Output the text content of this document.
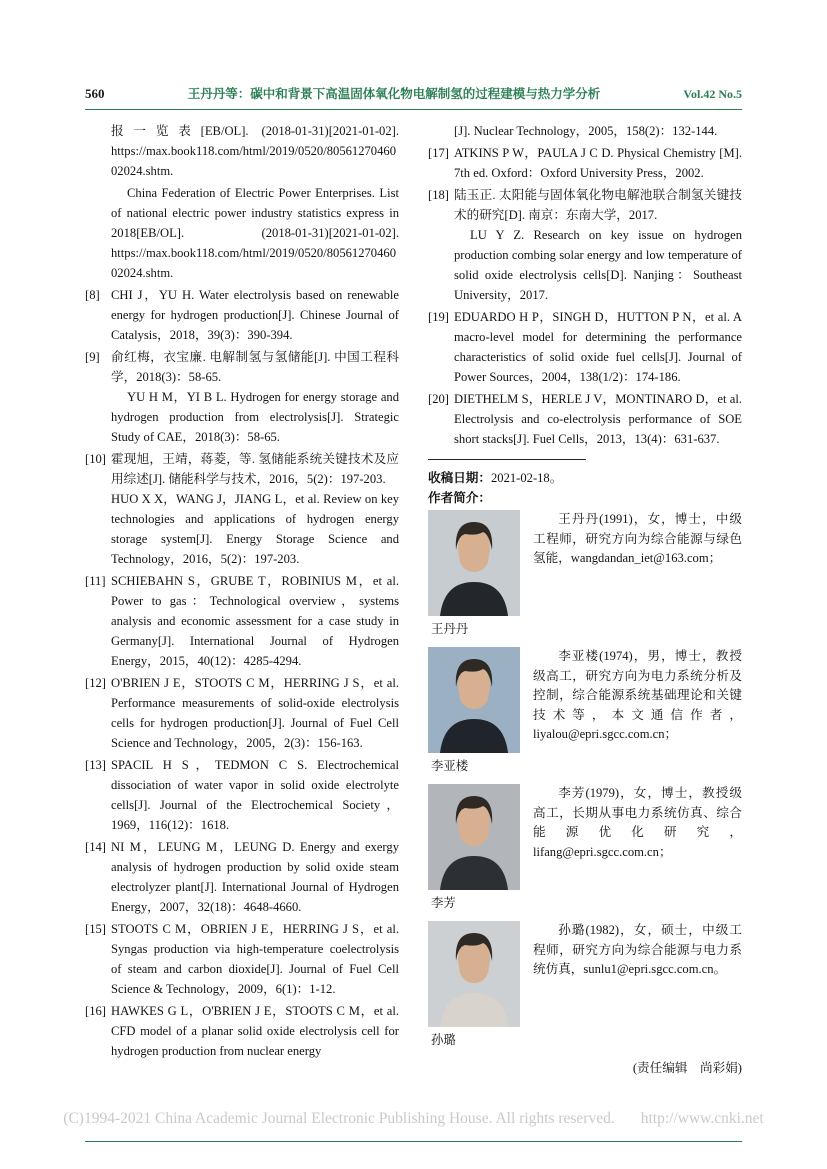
560	王丹丹等：碳中和背景下高温固体氧化物电解制氢的过程建模与热力学分析	Vol.42 No.5

报一览表[EB/OL]. (2018-01-31)[2021-01-02]. https://max.book118.com/html/2019/0520/8056127046002024.shtm.

China Federation of Electric Power Enterprises. List of national electric power industry statistics express in 2018[EB/OL]. (2018-01-31)[2021-01-02]. https://max.book118.com/html/2019/0520/8056127046002024.shtm.

[8] CHI J，YU H. Water electrolysis based on renewable energy for hydrogen production[J]. Chinese Journal of Catalysis，2018，39(3)：390-394.

[9] 俞红梅，衣宝廉. 电解制氢与氢储能[J]. 中国工程科学，2018(3)：58-65.

YU H M，YI B L. Hydrogen for energy storage and hydrogen production from electrolysis[J]. Strategic Study of CAE，2018(3)：58-65.

[10] 霍现旭，王靖，蒋菱，等. 氢储能系统关键技术及应用综述[J]. 储能科学与技术，2016，5(2)：197-203.

HUO X X，WANG J，JIANG L，et al. Review on key technologies and applications of hydrogen energy storage system[J]. Energy Storage Science and Technology，2016，5(2)：197-203.

[11] SCHIEBAHN S，GRUBE T，ROBINIUS M，et al. Power to gas：Technological overview，systems analysis and economic assessment for a case study in Germany[J]. International Journal of Hydrogen Energy，2015，40(12)：4285-4294.

[12] O'BRIEN J E，STOOTS C M，HERRING J S，et al. Performance measurements of solid-oxide electrolysis cells for hydrogen production[J]. Journal of Fuel Cell Science and Technology，2005，2(3)：156-163.

[13] SPACIL H S，TEDMON C S. Electrochemical dissociation of water vapor in solid oxide electrolyte cells[J]. Journal of the Electrochemical Society，1969，116(12)：1618.

[14] NI M，LEUNG M，LEUNG D. Energy and exergy analysis of hydrogen production by solid oxide steam electrolyzer plant[J]. International Journal of Hydrogen Energy，2007，32(18)：4648-4660.

[15] STOOTS C M，OBRIEN J E，HERRING J S，et al. Syngas production via high-temperature coelectrolysis of steam and carbon dioxide[J]. Journal of Fuel Cell Science & Technology，2009，6(1)：1-12.

[16] HAWKES G L，O'BRIEN J E，STOOTS C M，et al. CFD model of a planar solid oxide electrolysis cell for hydrogen production from nuclear energy

[J]. Nuclear Technology，2005，158(2)：132-144.

[17] ATKINS P W，PAULA J C D. Physical Chemistry [M]. 7th ed. Oxford：Oxford University Press，2002.

[18] 陆玉正. 太阳能与固体氧化物电解池联合制氢关键技术的研究[D]. 南京：东南大学，2017.

LU Y Z. Research on key issue on hydrogen production combing solar energy and low temperature of solid oxide electrolysis cells[D]. Nanjing：Southeast University，2017.

[19] EDUARDO H P，SINGH D，HUTTON P N，et al. A macro-level model for determining the performance characteristics of solid oxide fuel cells[J]. Journal of Power Sources，2004，138(1/2)：174-186.

[20] DIETHELM S，HERLE J V，MONTINARO D，et al. Electrolysis and co-electrolysis performance of SOE short stacks[J]. Fuel Cells，2013，13(4)：631-637.

收稿日期：2021-02-18。

作者简介：

王丹丹

王丹丹(1991)，女，博士，中级工程师，研究方向为综合能源与绿色氢能，wangdandan_iet@163.com；

李亚楼

李亚楼(1974)，男，博士，教授级高工，研究方向为电力系统分析及控制，综合能源系统基础理论和关键技术等，本文通信作者，liyalou@epri.sgcc.com.cn；

李芳

李芳(1979)，女，博士，教授级高工，长期从事电力系统仿真、综合能源优化研究，lifang@epri.sgcc.com.cn；

孙璐

孙璐(1982)，女，硕士，中级工程师，研究方向为综合能源与电力系统仿真，sunlu1@epri.sgcc.com.cn。

(责任编辑　尚彩娟)

(C)1994-2021 China Academic Journal Electronic Publishing House. All rights reserved. http://www.cnki.net
